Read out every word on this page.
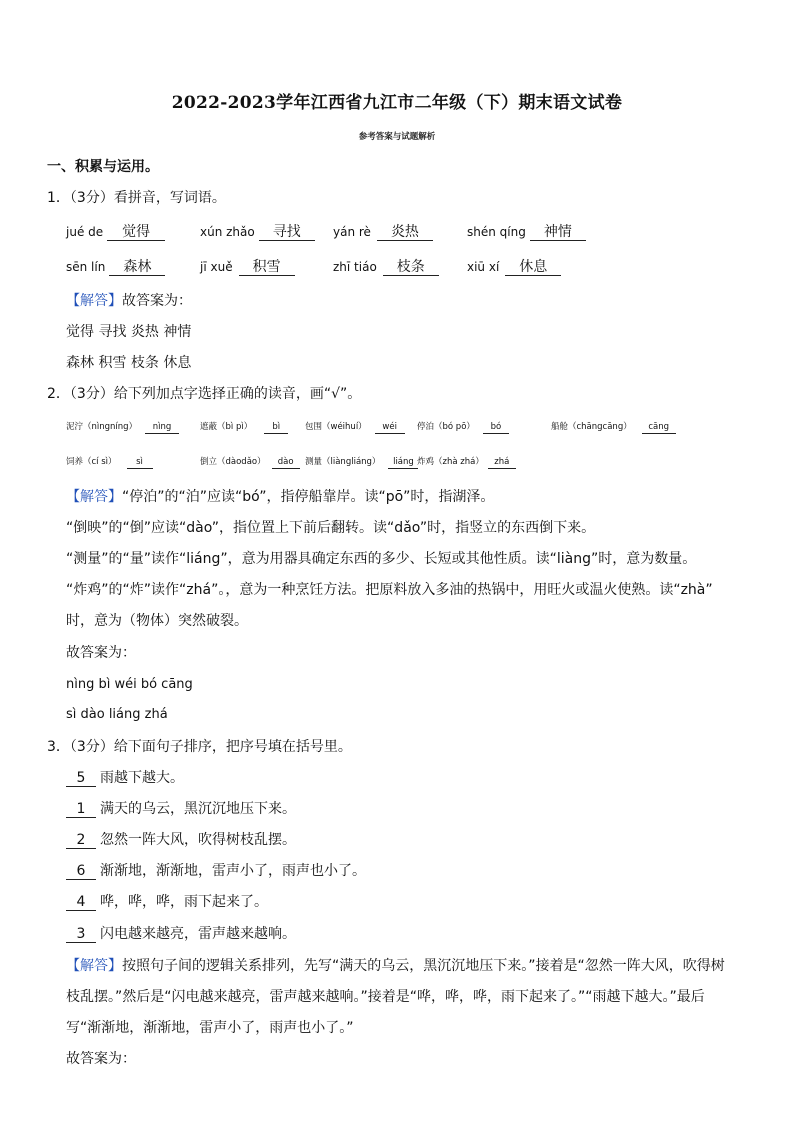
2022-2023学年江西省九江市二年级（下）期末语文试卷
参考答案与试题解析
一、积累与运用。
1．（3分）看拼音，写词语。
jué de	觉得	xún zhǎo	寻找	yán rè	炎热	shén qíng	神情
sēn lín	森林	jī xuě	积雪	zhī tiáo	枝条	xiū xí	休息
【解答】故答案为：
觉得 寻找 炎热 神情
森林 积雪 枝条 休息
2．（3分）给下列加点字选择正确的读音，画“√”。
泥泞（nìngníng）	nìng	遮蔽（bì pì）	bì	包围（wéihuí）	wéi	停泊（bó pō）	bó	船舱（chāngcāng）	cāng
饲养（cí sì）	sì	倒立（dàodǎo）	dào	测量（liàngliáng）	liáng 炸鸡（zhà zhá）	zhá
【解答】“停泊”的“泊”应读“bó”，指停船靠岸。读“pō”时，指湖泽。
“倒映”的“倒”应读“dào”，指位置上下前后翻转。读“dǎo”时，指竖立的东西倒下来。
“测量”的“量”读作“liáng”，意为用器具确定东西的多少、长短或其他性质。读“liàng”时，意为数量。
“炸鸡”的“炸”读作“zhá”。，意为一种烹饪方法。把原料放入多油的热锅中，用旺火或温火使熟。读“zhà”
时，意为（物体）突然破裂。
故答案为：
nìng bì wéi bó cāng
sì dào liáng zhá
3．（3分）给下面句子排序，把序号填在括号里。
5	雨越下越大。
1	满天的乌云，黑沉沉地压下来。
2	忽然一阵大风，吹得树枝乱摆。
6	渐渐地，渐渐地，雷声小了，雨声也小了。
4	哗，哗，哗，雨下起来了。
3	闪电越来越亮，雷声越来越响。
【解答】按照句子间的逻辑关系排列，先写“满天的乌云，黑沉沉地压下来。”接着是“忽然一阵大风，吹得树
枝乱摆。”然后是“闪电越来越亮，雷声越来越响。”接着是“哗，哗，哗，雨下起来了。”“雨越下越大。”最后
写“渐渐地，渐渐地，雷声小了，雨声也小了。”
故答案为：
